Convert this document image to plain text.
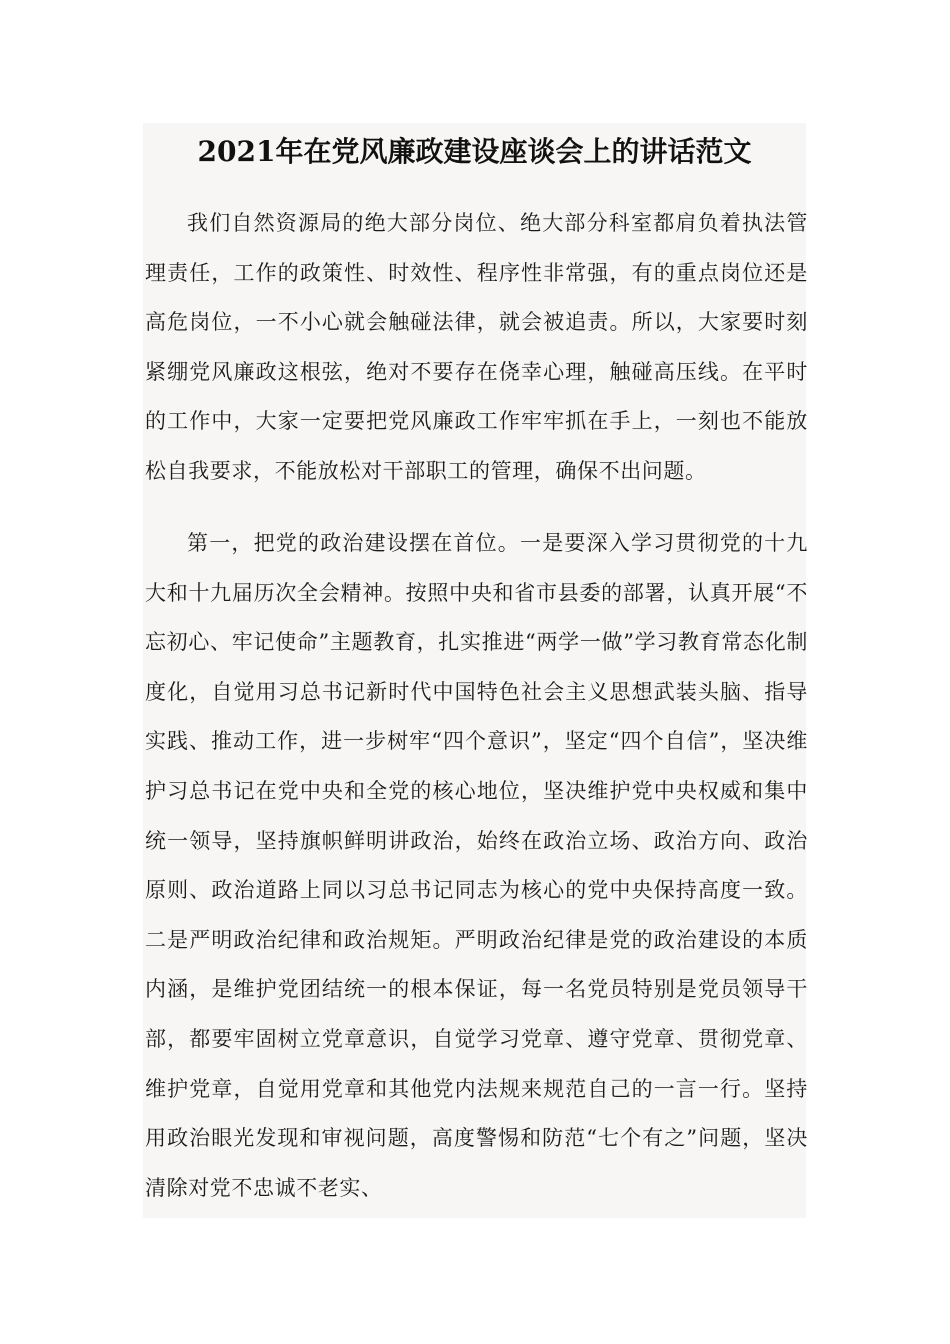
2021年在党风廉政建设座谈会上的讲话范文

我们自然资源局的绝大部分岗位、绝大部分科室都肩负着执法管理责任，工作的政策性、时效性、程序性非常强，有的重点岗位还是高危岗位，一不小心就会触碰法律，就会被追责。所以，大家要时刻紧绷党风廉政这根弦，绝对不要存在侥幸心理，触碰高压线。在平时的工作中，大家一定要把党风廉政工作牢牢抓在手上，一刻也不能放松自我要求，不能放松对干部职工的管理，确保不出问题。

第一，把党的政治建设摆在首位。一是要深入学习贯彻党的十九大和十九届历次全会精神。按照中央和省市县委的部署，认真开展“不忘初心、牢记使命”主题教育，扎实推进“两学一做”学习教育常态化制度化，自觉用习总书记新时代中国特色社会主义思想武装头脑、指导实践、推动工作，进一步树牢“四个意识”，坚定“四个自信”，坚决维护习总书记在党中央和全党的核心地位，坚决维护党中央权威和集中统一领导，坚持旗帜鲜明讲政治，始终在政治立场、政治方向、政治原则、政治道路上同以习总书记同志为核心的党中央保持高度一致。二是严明政治纪律和政治规矩。严明政治纪律是党的政治建设的本质内涵，是维护党团结统一的根本保证，每一名党员特别是党员领导干部，都要牢固树立党章意识，自觉学习党章、遵守党章、贯彻党章、维护党章，自觉用党章和其他党内法规来规范自己的一言一行。坚持用政治眼光发现和审视问题，高度警惕和防范“七个有之”问题，坚决清除对党不忠诚不老实、
